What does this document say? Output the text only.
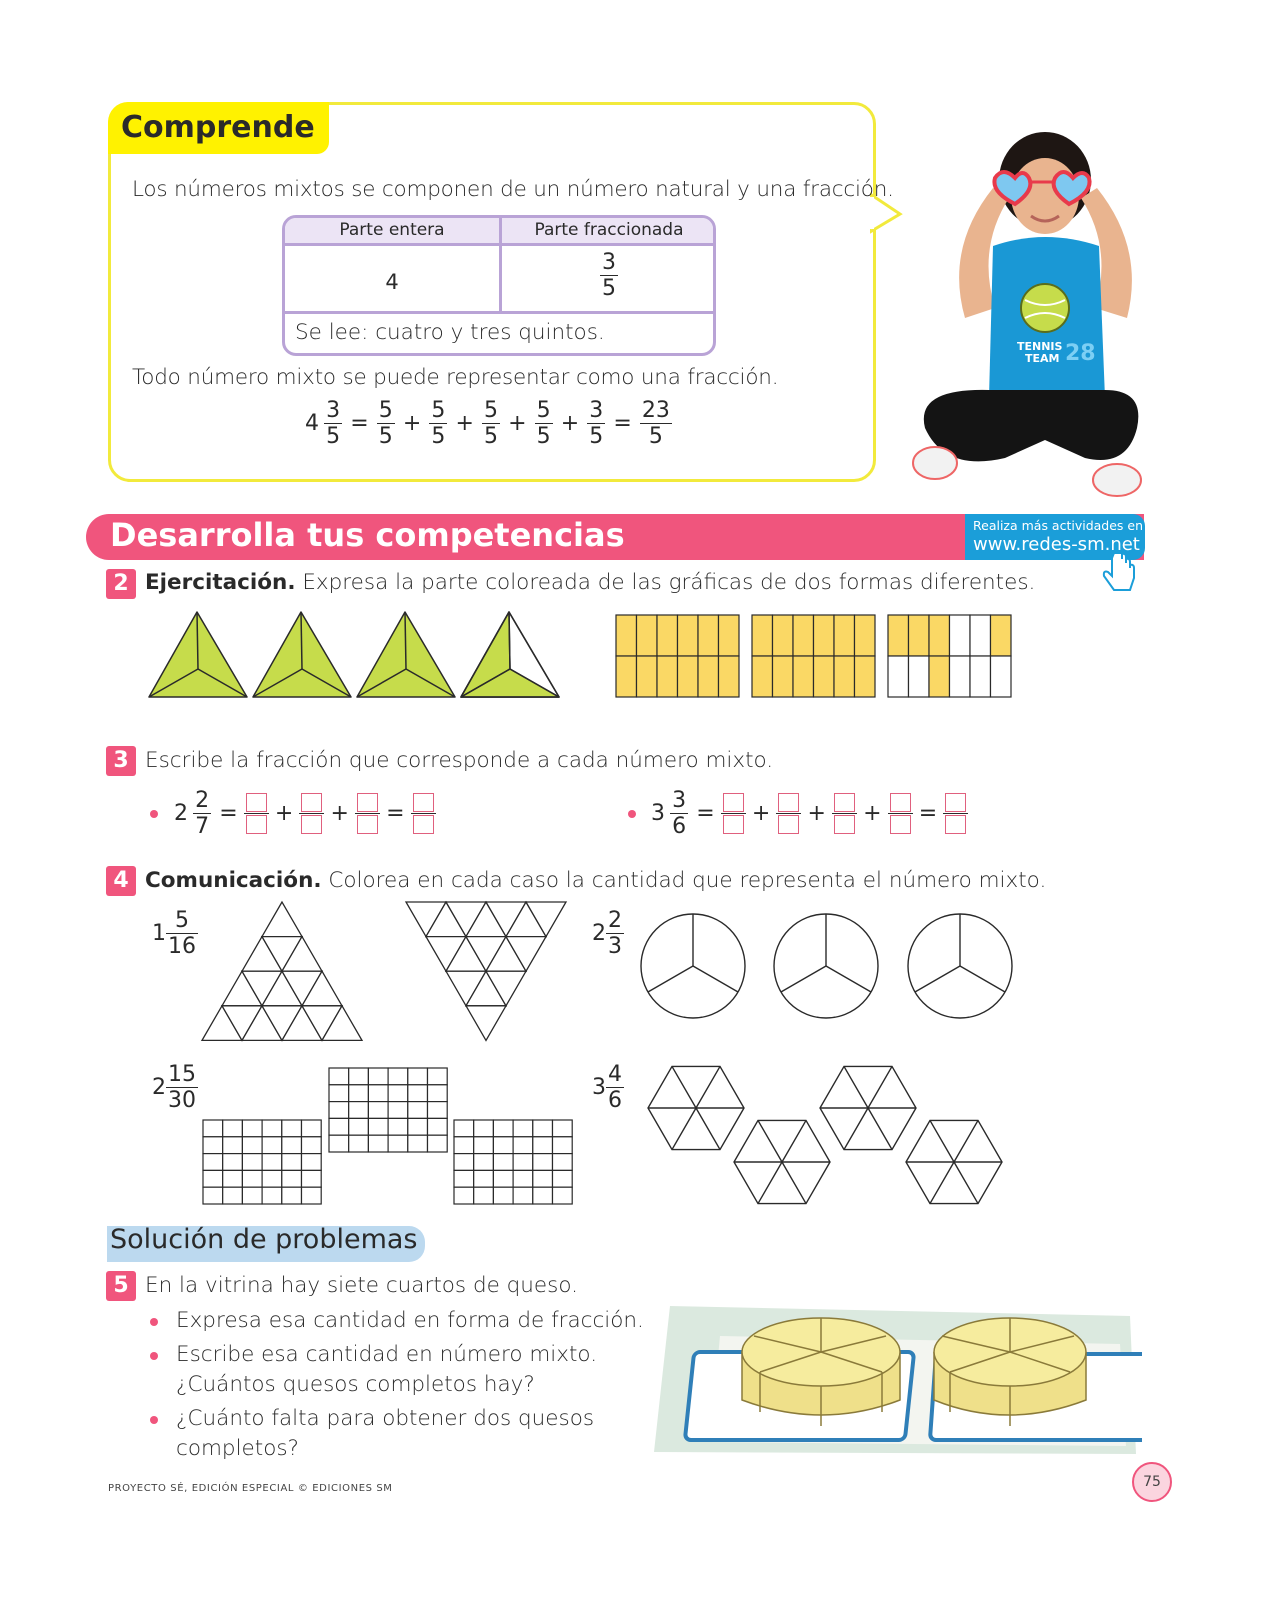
Comprende
Los números mixtos se componen de un número natural y una fracción.
Parte entera	Parte fraccionada
4	$\frac{3}{5}$
Se lee: cuatro y tres quintos.
Todo número mixto se puede representar como una fracción.
$4 \frac{3}{5} = \frac{5}{5} + \frac{5}{5} + \frac{5}{5} + \frac{5}{5} + \frac{3}{5} = \frac{23}{5}$
TENNIS
TEAM 28
Desarrolla tus competencias	Realiza más actividades en
www.redes-sm.net
2 Ejercitación. Expresa la parte coloreada de las gráficas de dos formas diferentes.
3 Escribe la fracción que corresponde a cada número mixto.
$2 \frac{2}{7}$ = + + =	$3 \frac{3}{6}$ = + + + =
4 Comunicación. Colorea en cada caso la cantidad que representa el número mixto.
$1 \frac{5}{16}$	$2 \frac{2}{3}$
$2 \frac{15}{30}$	$3 \frac{4}{6}$
Solución de problemas
5 En la vitrina hay siete cuartos de queso.
Expresa esa cantidad en forma de fracción.
Escribe esa cantidad en número mixto.
¿Cuántos quesos completos hay?
¿Cuánto falta para obtener dos quesos
completos?
PROYECTO SÉ, EDICIÓN ESPECIAL © EDICIONES SM	75
